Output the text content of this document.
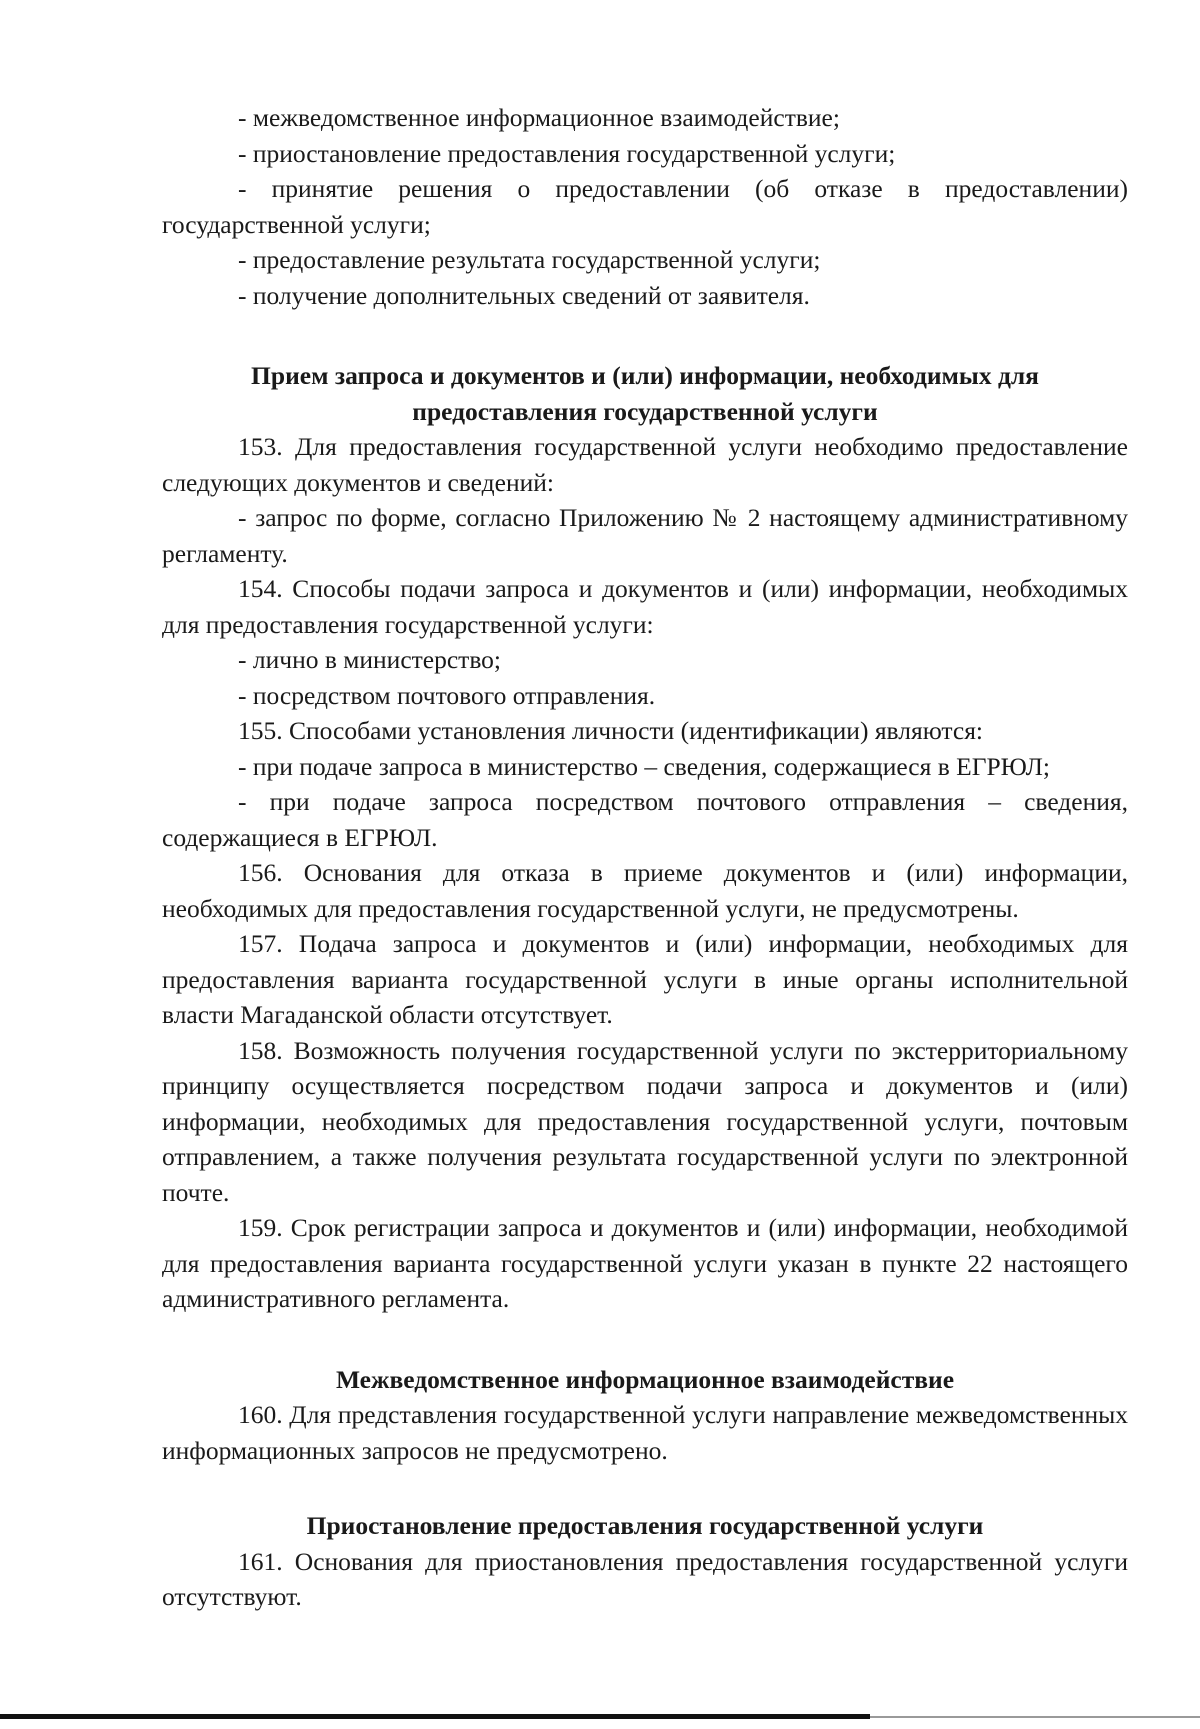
- межведомственное информационное взаимодействие;

- приостановление предоставления государственной услуги;

- принятие решения о предоставлении (об отказе в предоставлении) государственной услуги;

- предоставление результата государственной услуги;

- получение дополнительных сведений от заявителя.

Прием запроса и документов и (или) информации, необходимых для предоставления государственной услуги

153. Для предоставления государственной услуги необходимо предоставление следующих документов и сведений:

- запрос по форме, согласно Приложению № 2 настоящему административному регламенту.

154. Способы подачи запроса и документов и (или) информации, необходимых для предоставления государственной услуги:

- лично в министерство;

- посредством почтового отправления.

155. Способами установления личности (идентификации) являются:

- при подаче запроса в министерство – сведения, содержащиеся в ЕГРЮЛ;

- при подаче запроса посредством почтового отправления – сведения, содержащиеся в ЕГРЮЛ.

156. Основания для отказа в приеме документов и (или) информации, необходимых для предоставления государственной услуги, не предусмотрены.

157. Подача запроса и документов и (или) информации, необходимых для предоставления варианта государственной услуги в иные органы исполнительной власти Магаданской области отсутствует.

158. Возможность получения государственной услуги по экстерриториальному принципу осуществляется посредством подачи запроса и документов и (или) информации, необходимых для предоставления государственной услуги, почтовым отправлением, а также получения результата государственной услуги по электронной почте.

159. Срок регистрации запроса и документов и (или) информации, необходимой для предоставления варианта государственной услуги указан в пункте 22 настоящего административного регламента.

Межведомственное информационное взаимодействие

160. Для представления государственной услуги направление межведомственных информационных запросов не предусмотрено.

Приостановление предоставления государственной услуги

161. Основания для приостановления предоставления государственной услуги отсутствуют.
